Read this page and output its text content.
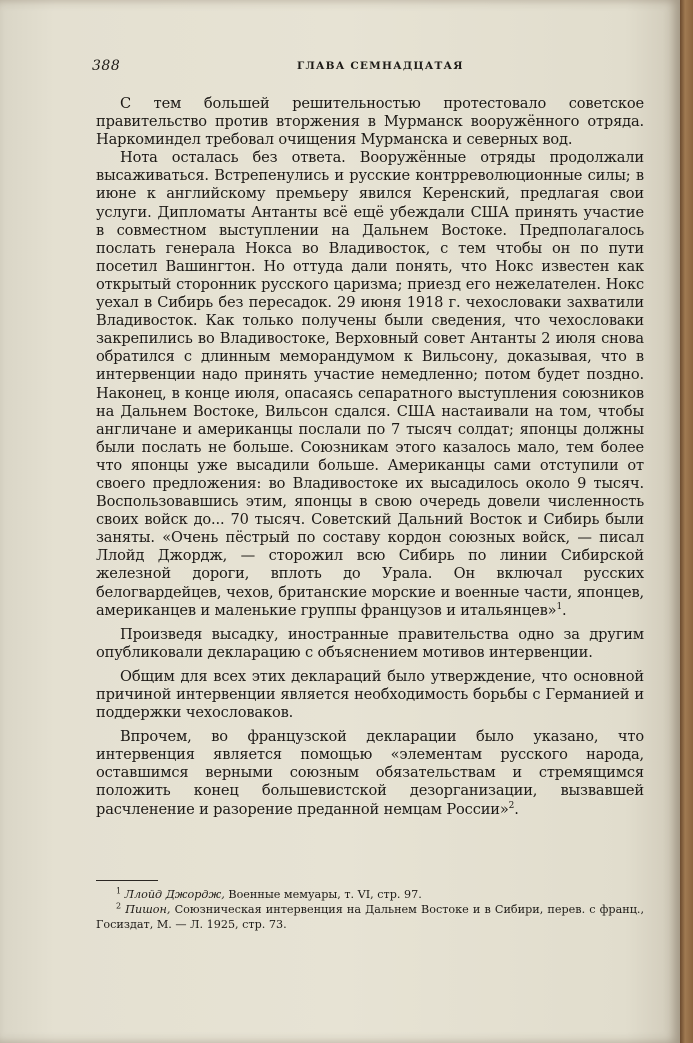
388	ГЛАВА СЕМНАДЦАТАЯ

С тем большей решительностью протестовало советское правительство против вторжения в Мурманск вооружённого отряда. Наркоминдел требовал очищения Мурманска и северных вод.

Нота осталась без ответа. Вооружённые отряды продолжали высаживаться. Встрепенулись и русские контрреволюционные силы; в июне к английскому премьеру явился Керенский, предлагая свои услуги. Дипломаты Антанты всё ещё убеждали США принять участие в совместном выступлении на Дальнем Востоке. Предполагалось послать генерала Нокса во Владивосток, с тем чтобы он по пути посетил Вашингтон. Но оттуда дали понять, что Нокс известен как открытый сторонник русского царизма; приезд его нежелателен. Нокс уехал в Сибирь без пересадок. 29 июня 1918 г. чехословаки захватили Владивосток. Как только получены были сведения, что чехословаки закрепились во Владивостоке, Верховный совет Антанты 2 июля снова обратился с длинным меморандумом к Вильсону, доказывая, что в интервенции надо принять участие немедленно; потом будет поздно. Наконец, в конце июля, опасаясь сепаратного выступления союзников на Дальнем Востоке, Вильсон сдался. США настаивали на том, чтобы англичане и американцы послали по 7 тысяч солдат; японцы должны были послать не больше. Союзникам этого казалось мало, тем более что японцы уже высадили больше. Американцы сами отступили от своего предложения: во Владивостоке их высадилось около 9 тысяч. Воспользовавшись этим, японцы в свою очередь довели численность своих войск до... 70 тысяч. Советский Дальний Восток и Сибирь были заняты. «Очень пёстрый по составу кордон союзных войск, — писал Ллойд Джордж, — сторожил всю Сибирь по линии Сибирской железной дороги, вплоть до Урала. Он включал русских белогвардейцев, чехов, британские морские и военные части, японцев, американцев и маленькие группы французов и итальянцев»$^1$.

Произведя высадку, иностранные правительства одно за другим опубликовали декларацию с объяснением мотивов интервенции.

Общим для всех этих деклараций было утверждение, что основной причиной интервенции является необходимость борьбы с Германией и поддержки чехословаков.

Впрочем, во французской декларации было указано, что интервенция является помощью «элементам русского народа, оставшимся верными союзным обязательствам и стремящимся положить конец большевистской дезорганизации, вызвавшей расчленение и разорение преданной немцам России»$^2$.

$^1$ Ллойд Джордж, Военные мемуары, т. VI, стр. 97.

$^2$ Пишон, Союзническая интервенция на Дальнем Востоке и в Сибири, перев. с франц., Госиздат, М. — Л. 1925, стр. 73.
